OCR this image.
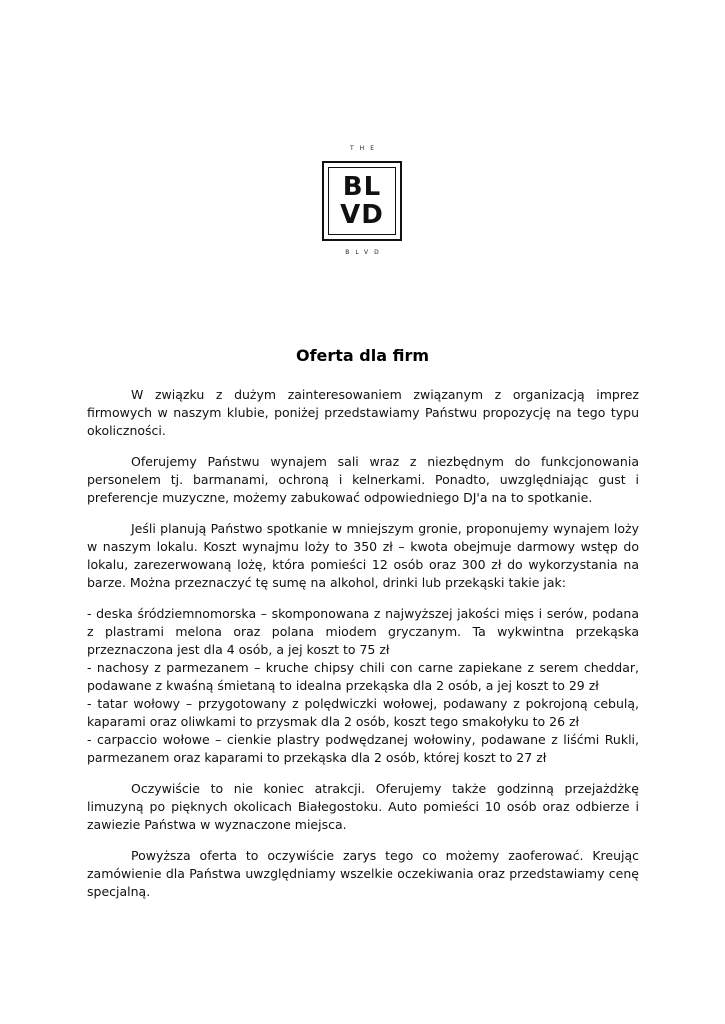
THE
BL
VD
BLVD
Oferta dla firm

W związku z dużym zainteresowaniem związanym z organizacją imprez firmowych w naszym klubie, poniżej przedstawiamy Państwu propozycję na tego typu okoliczności.

Oferujemy Państwu wynajem sali wraz z niezbędnym do funkcjonowania personelem tj. barmanami, ochroną i kelnerkami. Ponadto, uwzględniając gust i preferencje muzyczne, możemy zabukować odpowiedniego DJ'a na to spotkanie.

Jeśli planują Państwo spotkanie w mniejszym gronie, proponujemy wynajem loży w naszym lokalu. Koszt wynajmu loży to 350 zł – kwota obejmuje darmowy wstęp do lokalu, zarezerwowaną lożę, która pomieści 12 osób oraz 300 zł do wykorzystania na barze. Można przeznaczyć tę sumę na alkohol, drinki lub przekąski takie jak:

- deska śródziemnomorska – skomponowana z najwyższej jakości mięs i serów, podana z plastrami melona oraz polana miodem gryczanym. Ta wykwintna przekąska przeznaczona jest dla 4 osób, a jej koszt to 75 zł
- nachosy z parmezanem – kruche chipsy chili con carne zapiekane z serem cheddar, podawane z kwaśną śmietaną to idealna przekąska dla 2 osób, a jej koszt to 29 zł
- tatar wołowy – przygotowany z polędwiczki wołowej, podawany z pokrojoną cebulą, kaparami oraz oliwkami to przysmak dla 2 osób, koszt tego smakołyku to 26 zł
- carpaccio wołowe – cienkie plastry podwędzanej wołowiny, podawane z liśćmi Rukli, parmezanem oraz kaparami to przekąska dla 2 osób, której koszt to 27 zł

Oczywiście to nie koniec atrakcji. Oferujemy także godzinną przejażdżkę limuzyną po pięknych okolicach Białegostoku. Auto pomieści 10 osób oraz odbierze i zawiezie Państwa w wyznaczone miejsca.

Powyższa oferta to oczywiście zarys tego co możemy zaoferować. Kreując zamówienie dla Państwa uwzględniamy wszelkie oczekiwania oraz przedstawiamy cenę specjalną.
